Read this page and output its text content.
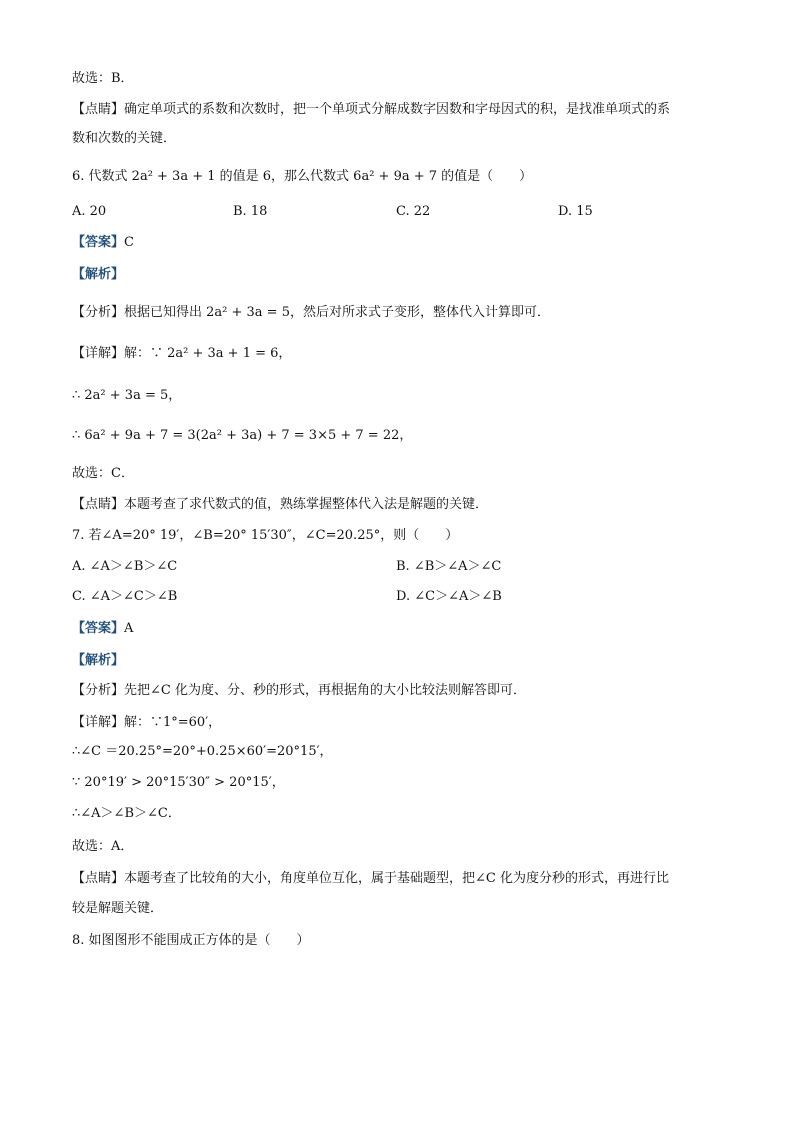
故选：B．
【点睛】确定单项式的系数和次数时，把一个单项式分解成数字因数和字母因式的积，是找准单项式的系
数和次数的关键．
6. 代数式 2a² + 3a + 1 的值是 6，那么代数式 6a² + 9a + 7 的值是（　　）
A. 20	B. 18	C. 22	D. 15
【答案】C
【解析】
【分析】根据已知得出 2a² + 3a = 5，然后对所求式子变形，整体代入计算即可．
【详解】解：∵ 2a² + 3a + 1 = 6，
∴ 2a² + 3a = 5，
∴ 6a² + 9a + 7 = 3(2a² + 3a) + 7 = 3×5 + 7 = 22，
故选：C．
【点睛】本题考查了求代数式的值，熟练掌握整体代入法是解题的关键．
7. 若∠A=20° 19′，∠B=20° 15′30″，∠C=20.25°，则（　　）
A. ∠A＞∠B＞∠C	B. ∠B＞∠A＞∠C
C. ∠A＞∠C＞∠B	D. ∠C＞∠A＞∠B
【答案】A
【解析】
【分析】先把∠C 化为度、分、秒的形式，再根据角的大小比较法则解答即可．
【详解】解：∵1°=60′，
∴∠C ＝20.25°=20°+0.25×60′=20°15′，
∵ 20°19′ > 20°15′30″ > 20°15′，
∴∠A＞∠B＞∠C．
故选：A．
【点睛】本题考查了比较角的大小，角度单位互化，属于基础题型，把∠C 化为度分秒的形式，再进行比
较是解题关键．
8. 如图图形不能围成正方体的是（　　）
